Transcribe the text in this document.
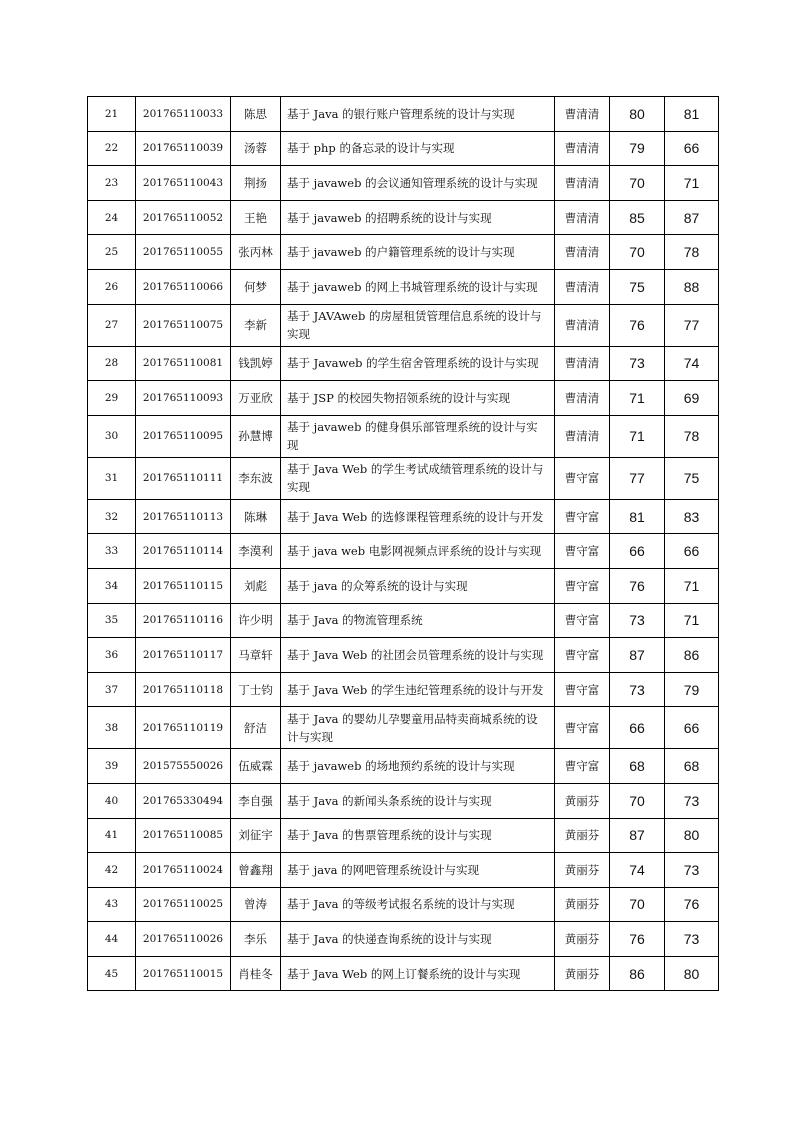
21	201765110033	陈思	基于 Java 的银行账户管理系统的设计与实现	曹清清	80	81
22	201765110039	汤蓉	基于 php 的备忘录的设计与实现	曹清清	79	66
23	201765110043	荆扬	基于 javaweb 的会议通知管理系统的设计与实现	曹清清	70	71
24	201765110052	王艳	基于 javaweb 的招聘系统的设计与实现	曹清清	85	87
25	201765110055	张丙林	基于 javaweb 的户籍管理系统的设计与实现	曹清清	70	78
26	201765110066	何梦	基于 javaweb 的网上书城管理系统的设计与实现	曹清清	75	88
27	201765110075	李新	基于 JAVAweb 的房屋租赁管理信息系统的设计与实现	曹清清	76	77
28	201765110081	钱凯婷	基于 Javaweb 的学生宿舍管理系统的设计与实现	曹清清	73	74
29	201765110093	万亚欣	基于 JSP 的校园失物招领系统的设计与实现	曹清清	71	69
30	201765110095	孙慧博	基于 javaweb 的健身俱乐部管理系统的设计与实现	曹清清	71	78
31	201765110111	李东波	基于 Java Web 的学生考试成绩管理系统的设计与实现	曹守富	77	75
32	201765110113	陈琳	基于 Java Web 的选修课程管理系统的设计与开发	曹守富	81	83
33	201765110114	李漠利	基于 java web 电影网视频点评系统的设计与实现	曹守富	66	66
34	201765110115	刘彪	基于 java 的众筹系统的设计与实现	曹守富	76	71
35	201765110116	许少明	基于 Java 的物流管理系统	曹守富	73	71
36	201765110117	马章轩	基于 Java Web 的社团会员管理系统的设计与实现	曹守富	87	86
37	201765110118	丁士钧	基于 Java Web 的学生违纪管理系统的设计与开发	曹守富	73	79
38	201765110119	舒洁	基于 Java 的婴幼儿孕婴童用品特卖商城系统的设计与实现	曹守富	66	66
39	201575550026	伍威霖	基于 javaweb 的场地预约系统的设计与实现	曹守富	68	68
40	201765330494	李自强	基于 Java 的新闻头条系统的设计与实现	黄丽芬	70	73
41	201765110085	刘征宇	基于 Java 的售票管理系统的设计与实现	黄丽芬	87	80
42	201765110024	曾鑫翔	基于 java 的网吧管理系统设计与实现	黄丽芬	74	73
43	201765110025	曾涛	基于 Java 的等级考试报名系统的设计与实现	黄丽芬	70	76
44	201765110026	李乐	基于 Java 的快递查询系统的设计与实现	黄丽芬	76	73
45	201765110015	肖桂冬	基于 Java Web 的网上订餐系统的设计与实现	黄丽芬	86	80
